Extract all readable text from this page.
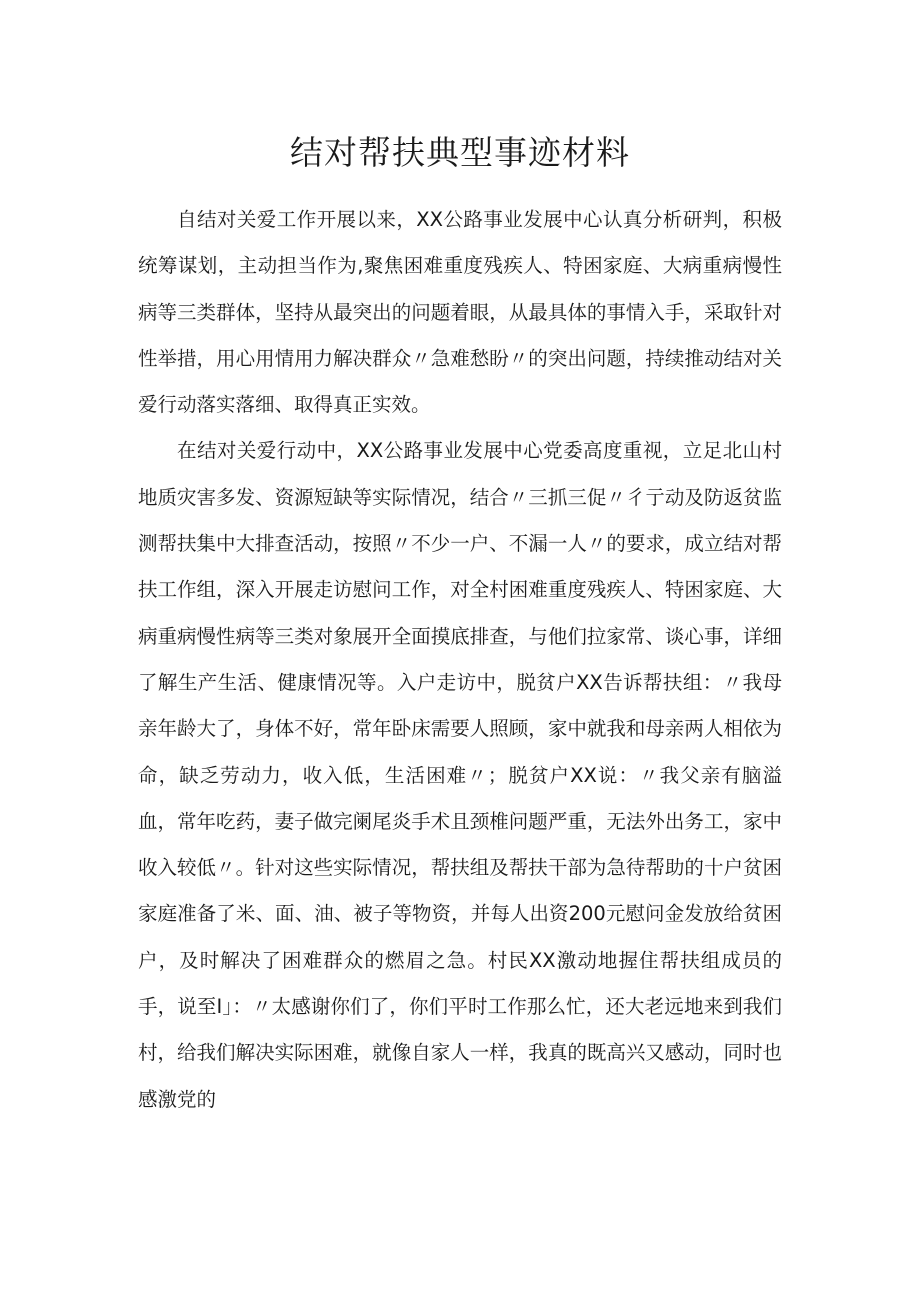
结对帮扶典型事迹材料

自结对关爱工作开展以来，XX公路事业发展中心认真分析研判，积极统筹谋划，主动担当作为,聚焦困难重度残疾人、特困家庭、大病重病慢性病等三类群体，坚持从最突出的问题着眼，从最具体的事情入手，采取针对性举措，用心用情用力解决群众〃急难愁盼〃的突出问题，持续推动结对关爱行动落实落细、取得真正实效。

在结对关爱行动中，XX公路事业发展中心党委高度重视，立足北山村地质灾害多发、资源短缺等实际情况，结合〃三抓三促〃彳亍动及防返贫监测帮扶集中大排查活动，按照〃不少一户、不漏一人〃的要求，成立结对帮扶工作组，深入开展走访慰问工作，对全村困难重度残疾人、特困家庭、大病重病慢性病等三类对象展开全面摸底排查，与他们拉家常、谈心事，详细了解生产生活、健康情况等。入户走访中，脱贫户XX告诉帮扶组：〃我母亲年龄大了，身体不好，常年卧床需要人照顾，家中就我和母亲两人相依为命，缺乏劳动力，收入低，生活困难〃；脱贫户XX说：〃我父亲有脑溢血，常年吃药，妻子做完阑尾炎手术且颈椎问题严重，无法外出务工，家中收入较低〃。针对这些实际情况，帮扶组及帮扶干部为急待帮助的十户贫困家庭准备了米、面、油、被子等物资，并每人出资200元慰问金发放给贫困户，及时解决了困难群众的燃眉之急。村民XX激动地握住帮扶组成员的手，说至I」：〃太感谢你们了，你们平时工作那么忙，还大老远地来到我们村，给我们解决实际困难，就像自家人一样，我真的既高兴又感动，同时也感激党的
